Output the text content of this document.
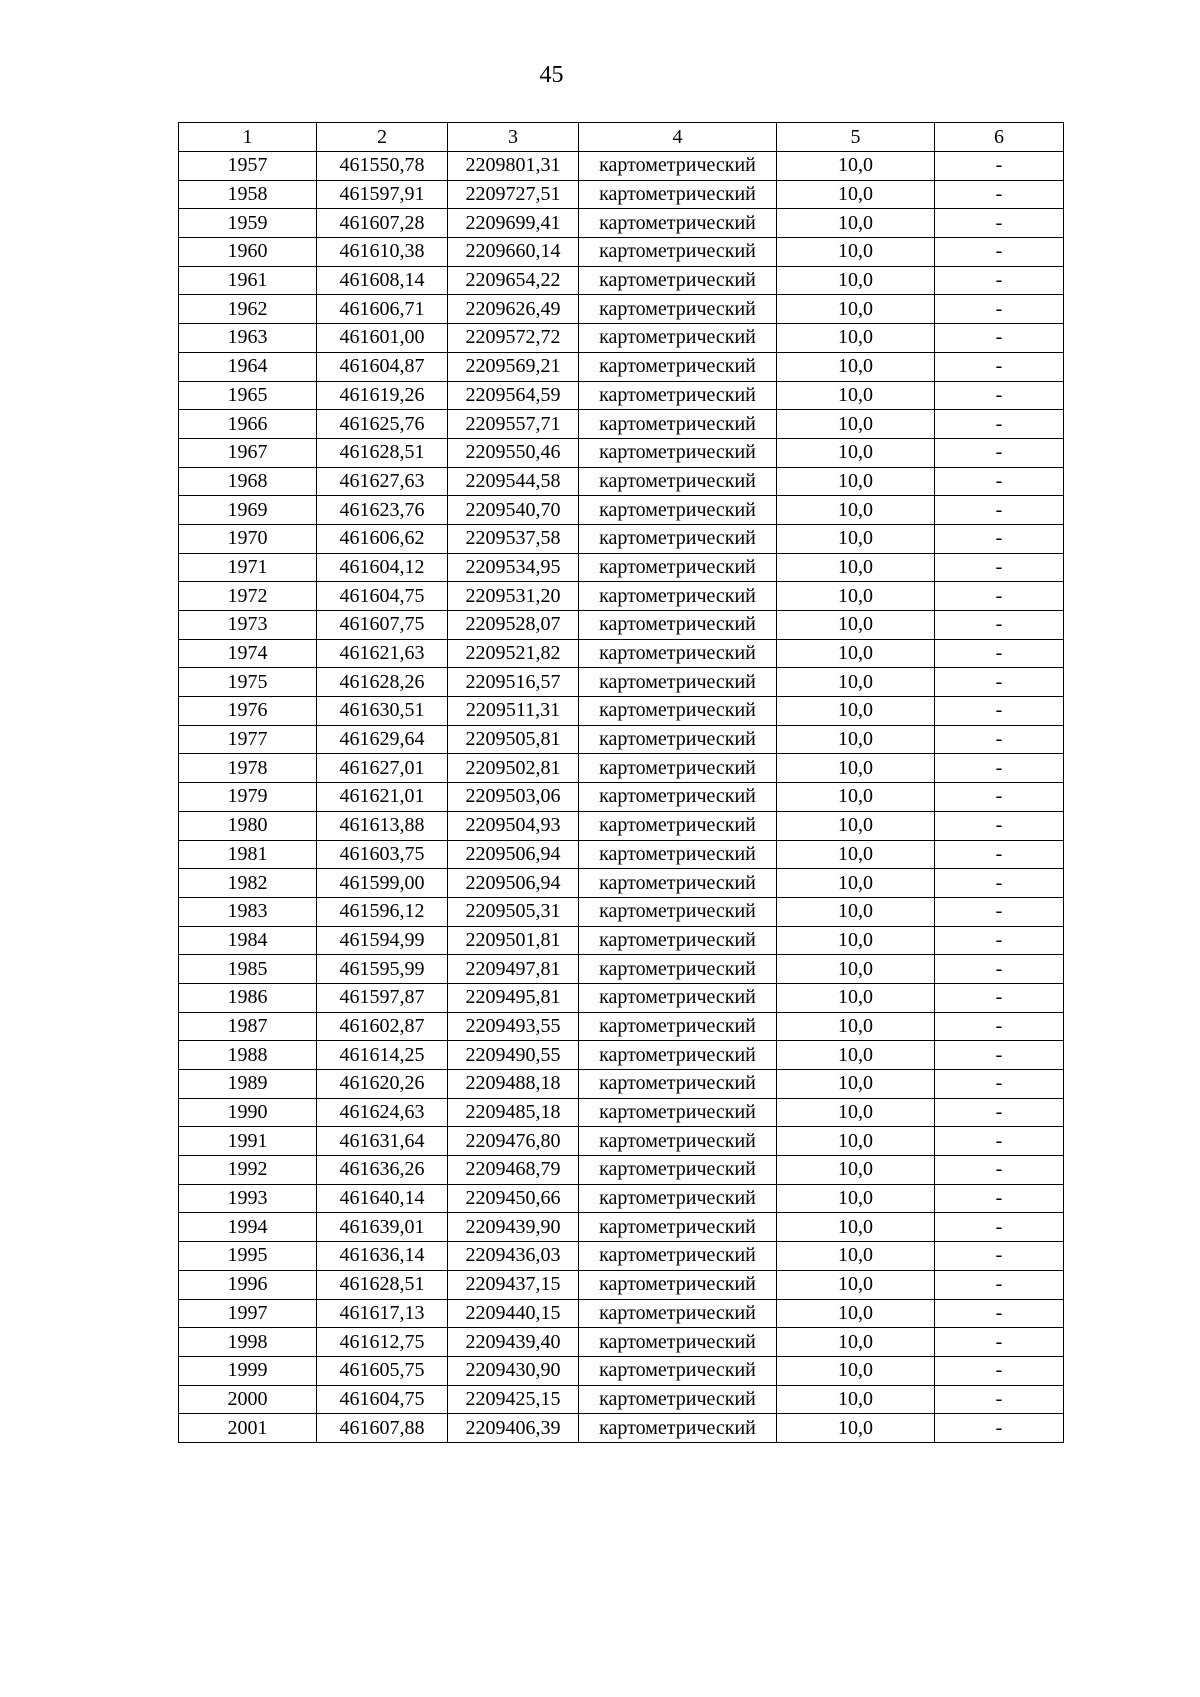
45
1	2	3	4	5	6
1957	461550,78	2209801,31	картометрический	10,0	-
1958	461597,91	2209727,51	картометрический	10,0	-
1959	461607,28	2209699,41	картометрический	10,0	-
1960	461610,38	2209660,14	картометрический	10,0	-
1961	461608,14	2209654,22	картометрический	10,0	-
1962	461606,71	2209626,49	картометрический	10,0	-
1963	461601,00	2209572,72	картометрический	10,0	-
1964	461604,87	2209569,21	картометрический	10,0	-
1965	461619,26	2209564,59	картометрический	10,0	-
1966	461625,76	2209557,71	картометрический	10,0	-
1967	461628,51	2209550,46	картометрический	10,0	-
1968	461627,63	2209544,58	картометрический	10,0	-
1969	461623,76	2209540,70	картометрический	10,0	-
1970	461606,62	2209537,58	картометрический	10,0	-
1971	461604,12	2209534,95	картометрический	10,0	-
1972	461604,75	2209531,20	картометрический	10,0	-
1973	461607,75	2209528,07	картометрический	10,0	-
1974	461621,63	2209521,82	картометрический	10,0	-
1975	461628,26	2209516,57	картометрический	10,0	-
1976	461630,51	2209511,31	картометрический	10,0	-
1977	461629,64	2209505,81	картометрический	10,0	-
1978	461627,01	2209502,81	картометрический	10,0	-
1979	461621,01	2209503,06	картометрический	10,0	-
1980	461613,88	2209504,93	картометрический	10,0	-
1981	461603,75	2209506,94	картометрический	10,0	-
1982	461599,00	2209506,94	картометрический	10,0	-
1983	461596,12	2209505,31	картометрический	10,0	-
1984	461594,99	2209501,81	картометрический	10,0	-
1985	461595,99	2209497,81	картометрический	10,0	-
1986	461597,87	2209495,81	картометрический	10,0	-
1987	461602,87	2209493,55	картометрический	10,0	-
1988	461614,25	2209490,55	картометрический	10,0	-
1989	461620,26	2209488,18	картометрический	10,0	-
1990	461624,63	2209485,18	картометрический	10,0	-
1991	461631,64	2209476,80	картометрический	10,0	-
1992	461636,26	2209468,79	картометрический	10,0	-
1993	461640,14	2209450,66	картометрический	10,0	-
1994	461639,01	2209439,90	картометрический	10,0	-
1995	461636,14	2209436,03	картометрический	10,0	-
1996	461628,51	2209437,15	картометрический	10,0	-
1997	461617,13	2209440,15	картометрический	10,0	-
1998	461612,75	2209439,40	картометрический	10,0	-
1999	461605,75	2209430,90	картометрический	10,0	-
2000	461604,75	2209425,15	картометрический	10,0	-
2001	461607,88	2209406,39	картометрический	10,0	-
